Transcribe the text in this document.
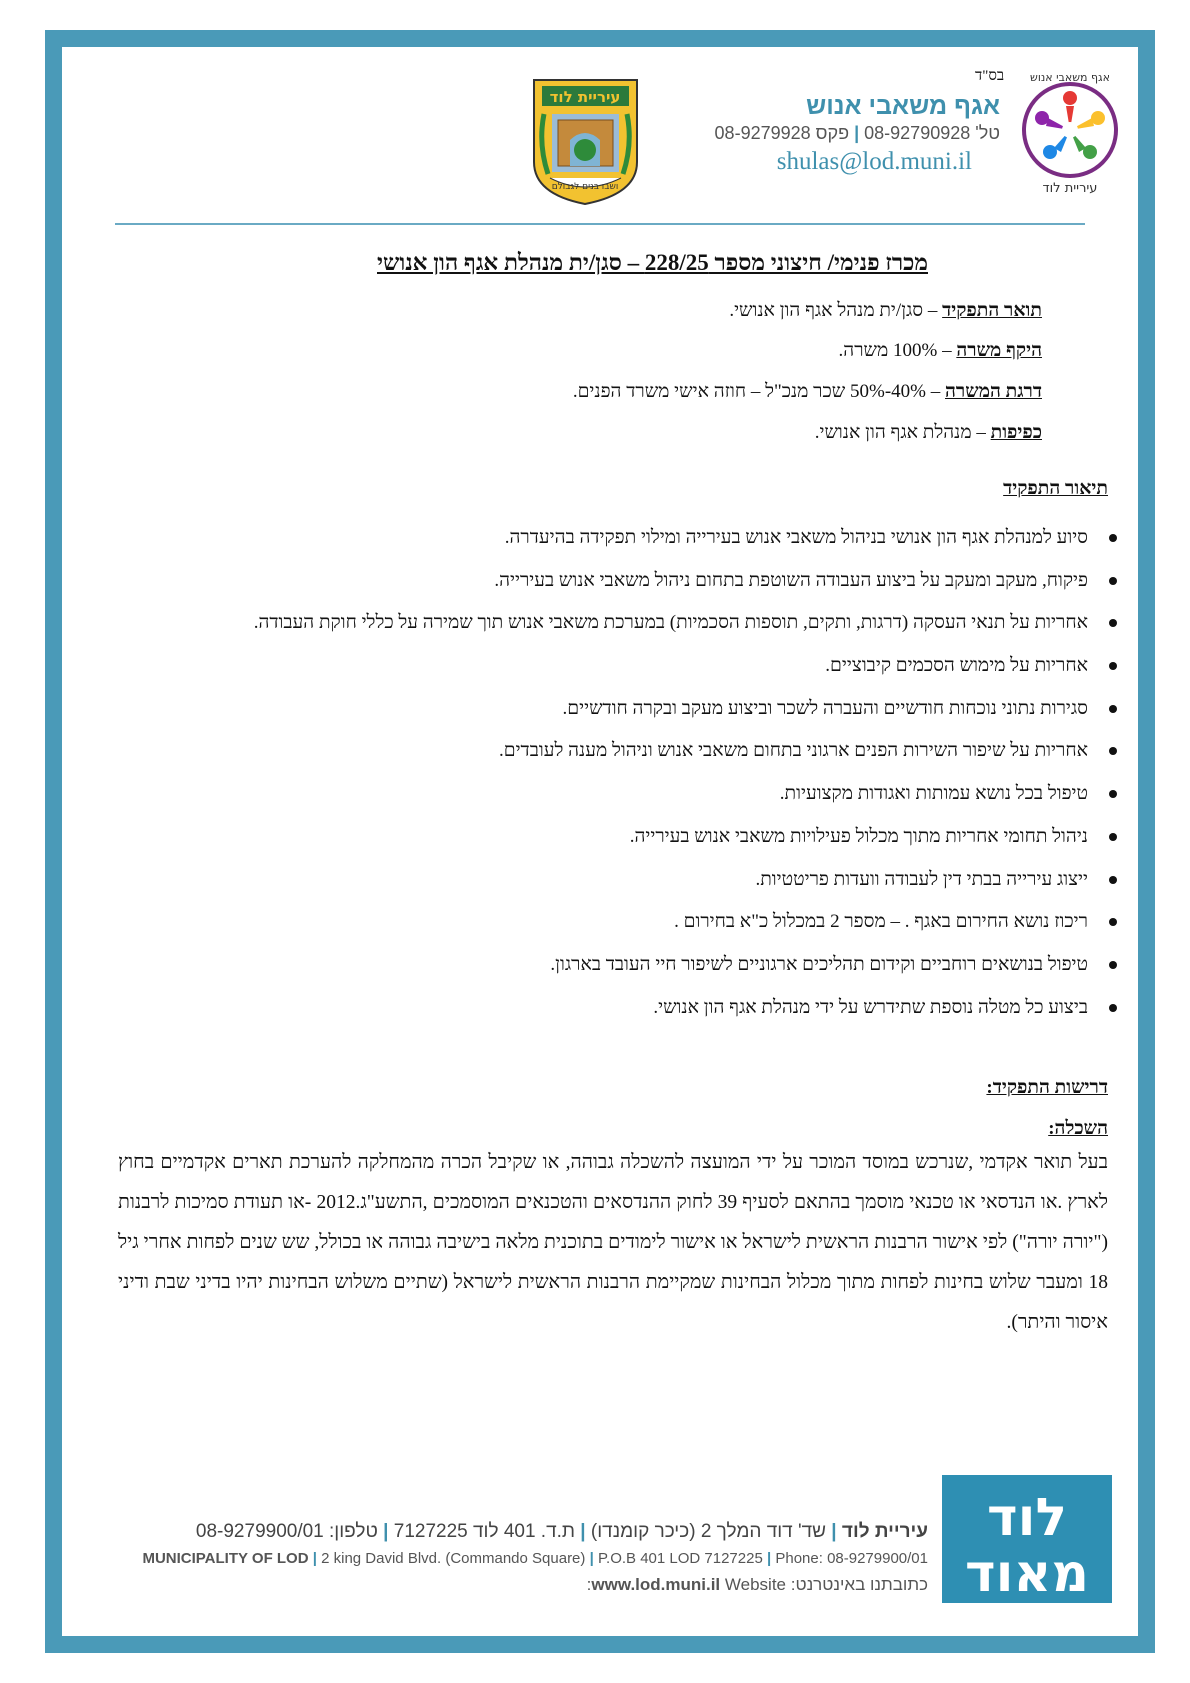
עיריית לוד
אגף משאבי אנוש
בס"ד
אגף משאבי אנוש
טל' 08-92790928 | פקס 08-9279928
shulas@lod.muni.il
עיריית לוד
ושבו בנים לגבולם
מכרז פנימי/ חיצוני מספר 228/25 – סגן/ית מנהלת אגף הון אנושי
תואר התפקיד – סגן/ית מנהל אגף הון אנושי.
היקף משרה – 100% משרה.
דרגת המשרה – 40%-50% שכר מנכ"ל – חוזה אישי משרד הפנים.
כפיפות – מנהלת אגף הון אנושי.
תיאור התפקיד
סיוע למנהלת אגף הון אנושי בניהול משאבי אנוש בעירייה ומילוי תפקידה בהיעדרה.
פיקוח, מעקב ומעקב על ביצוע העבודה השוטפת בתחום ניהול משאבי אנוש בעירייה.
אחריות על תנאי העסקה (דרגות, ותקים, תוספות הסכמיות) במערכת משאבי אנוש תוך שמירה על כללי חוקת העבודה.
אחריות על מימוש הסכמים קיבוציים.
סגירות נתוני נוכחות חודשיים והעברה לשכר וביצוע מעקב ובקרה חודשיים.
אחריות על שיפור השירות הפנים ארגוני בתחום משאבי אנוש וניהול מענה לעובדים.
טיפול בכל נושא עמותות ואגודות מקצועיות.
ניהול תחומי אחריות מתוך מכלול פעילויות משאבי אנוש בעירייה.
ייצוג עירייה בבתי דין לעבודה וועדות פריטטיות.
ריכוז נושא החירום באגף . – מספר 2 במכלול כ"א בחירום .
טיפול בנושאים רוחביים וקידום תהליכים ארגוניים לשיפור חיי העובד בארגון.
ביצוע כל מטלה נוספת שתידרש על ידי מנהלת אגף הון אנושי.
דרישות התפקיד:
השכלה:
בעל תואר אקדמי ,שנרכש במוסד המוכר על ידי המועצה להשכלה גבוהה, או שקיבל הכרה מהמחלקה להערכת תארים אקדמיים בחוץ לארץ .או הנדסאי או טכנאי מוסמך בהתאם לסעיף 39 לחוק ההנדסאים והטכנאים המוסמכים ,התשע"ג.2012 -או תעודת סמיכות לרבנות ("יורה יורה") לפי אישור הרבנות הראשית לישראל או אישור לימודים בתוכנית מלאה בישיבה גבוהה או בכולל, שש שנים לפחות אחרי גיל 18 ומעבר שלוש בחינות לפחות מתוך מכלול הבחינות שמקיימת הרבנות הראשית לישראל (שתיים משלוש הבחינות יהיו בדיני שבת ודיני איסור והיתר).
עיריית לוד | שד' דוד המלך 2 (כיכר קומנדו) | ת.ד. 401 לוד 7127225 | טלפון: 08-9279900/01
MUNICIPALITY OF LOD | 2 king David Blvd. (Commando Square) | P.O.B 401 LOD 7127225 | Phone: 08-9279900/01
כתובתנו באינטרנט: www.lod.muni.il Website:
לוד
מאוד
